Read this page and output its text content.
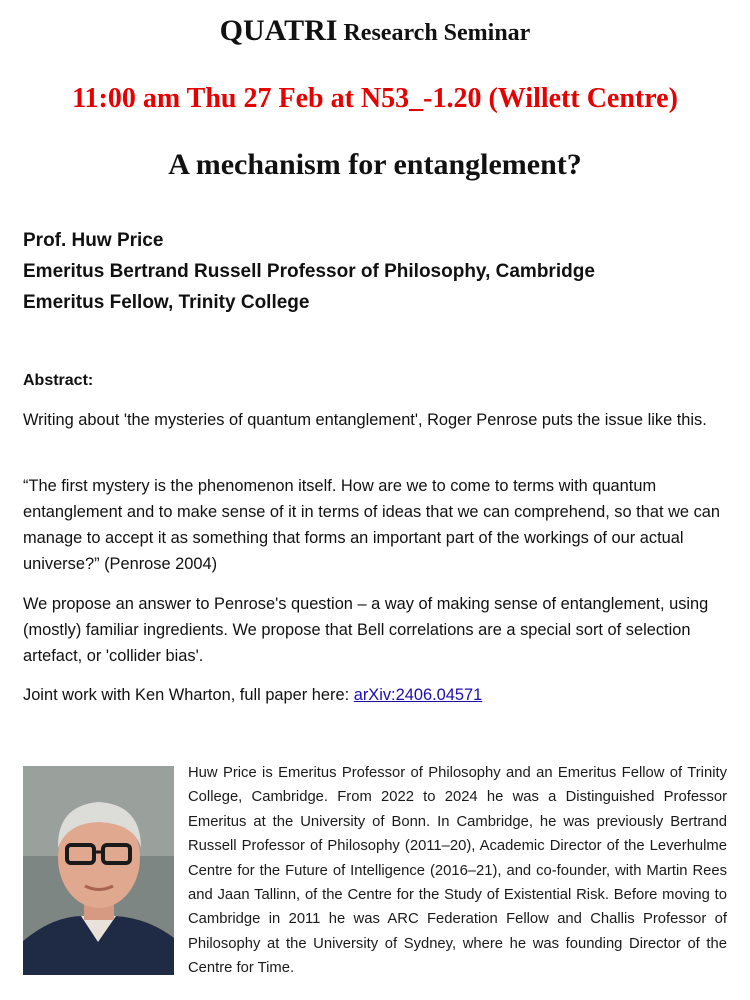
QUATRI Research Seminar
11:00 am Thu 27 Feb at N53_-1.20 (Willett Centre)
A mechanism for entanglement?
Prof. Huw Price
Emeritus Bertrand Russell Professor of Philosophy, Cambridge
Emeritus Fellow, Trinity College
Abstract:

Writing about 'the mysteries of quantum entanglement', Roger Penrose puts the issue like this.

“The first mystery is the phenomenon itself. How are we to come to terms with quantum entanglement and to make sense of it in terms of ideas that we can comprehend, so that we can manage to accept it as something that forms an important part of the workings of our actual universe?” (Penrose 2004)

We propose an answer to Penrose's question – a way of making sense of entanglement, using (mostly) familiar ingredients. We propose that Bell correlations are a special sort of selection artefact, or 'collider bias'.

Joint work with Ken Wharton, full paper here: arXiv:2406.04571

Huw Price is Emeritus Professor of Philosophy and an Emeritus Fellow of Trinity College, Cambridge. From 2022 to 2024 he was a Distinguished Professor Emeritus at the University of Bonn. In Cambridge, he was previously Bertrand Russell Professor of Philosophy (2011–20), Academic Director of the Leverhulme Centre for the Future of Intelligence (2016–21), and co-founder, with Martin Rees and Jaan Tallinn, of the Centre for the Study of Existential Risk. Before moving to Cambridge in 2011 he was ARC Federation Fellow and Challis Professor of Philosophy at the University of Sydney, where he was founding Director of the Centre for Time.
